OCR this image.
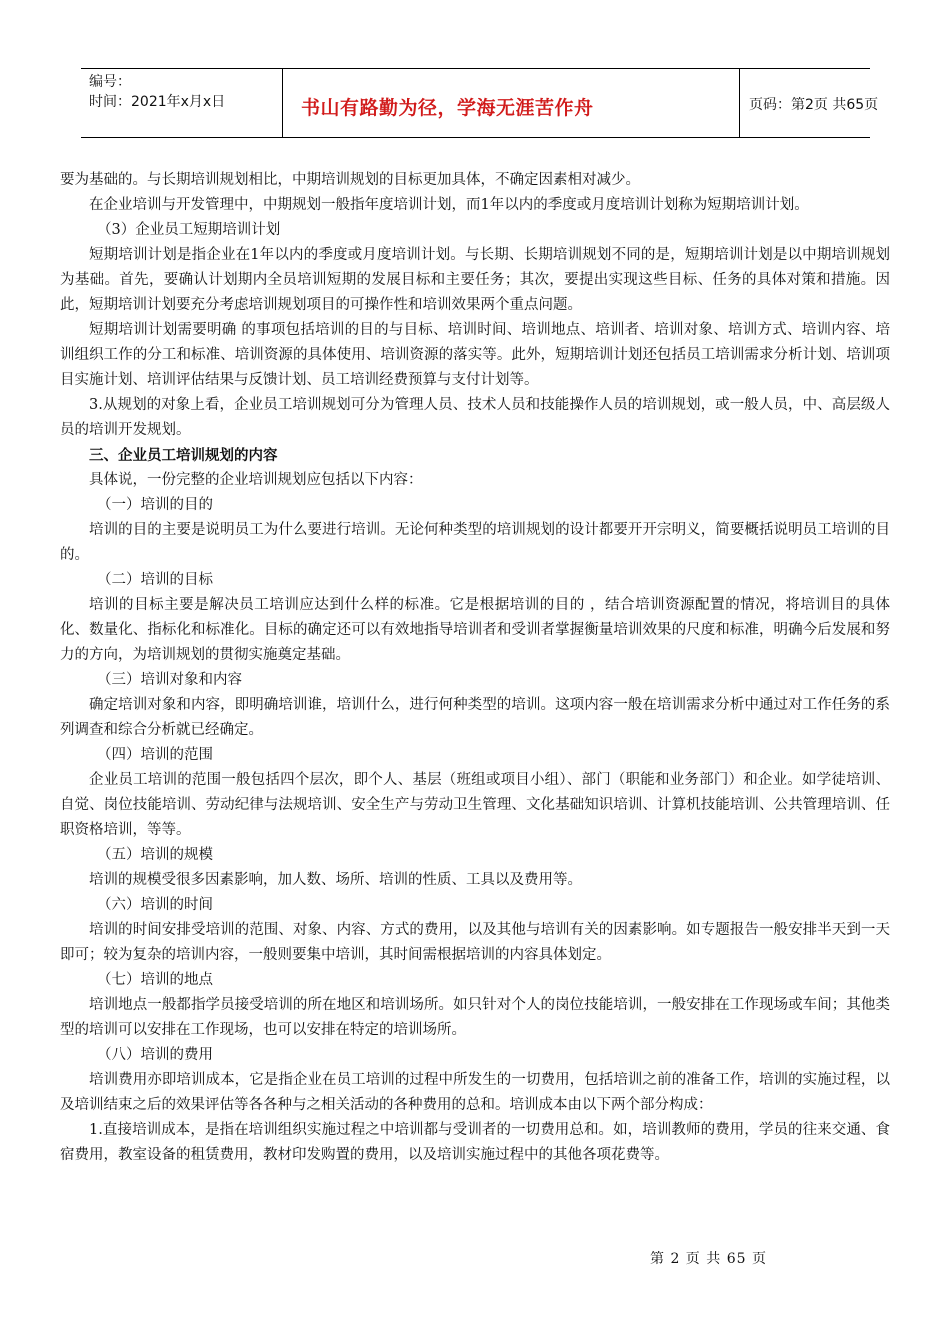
编号：
时间：2021年x月x日	书山有路勤为径，学海无涯苦作舟	页码：第2页 共65页

要为基础的。与长期培训规划相比，中期培训规划的目标更加具体，不确定因素相对减少。

在企业培训与开发管理中，中期规划一般指年度培训计划，而1年以内的季度或月度培训计划称为短期培训计划。

（3）企业员工短期培训计划

短期培训计划是指企业在1年以内的季度或月度培训计划。与长期、长期培训规划不同的是，短期培训计划是以中期培训规划为基础。首先，要确认计划期内全员培训短期的发展目标和主要任务；其次，要提出实现这些目标、任务的具体对策和措施。因此，短期培训计划要充分考虑培训规划项目的可操作性和培训效果两个重点问题。

短期培训计划需要明确 的事项包括培训的目的与目标、培训时间、培训地点、培训者、培训对象、培训方式、培训内容、培训组织工作的分工和标准、培训资源的具体使用、培训资源的落实等。此外，短期培训计划还包括员工培训需求分析计划、培训项目实施计划、培训评估结果与反馈计划、员工培训经费预算与支付计划等。

3.从规划的对象上看，企业员工培训规划可分为管理人员、技术人员和技能操作人员的培训规划，或一般人员，中、高层级人员的培训开发规划。

三、企业员工培训规划的内容

具体说，一份完整的企业培训规划应包括以下内容：

（一）培训的目的

培训的目的主要是说明员工为什么要进行培训。无论何种类型的培训规划的设计都要开开宗明义，简要概括说明员工培训的目的。

（二）培训的目标

培训的目标主要是解决员工培训应达到什么样的标准。它是根据培训的目的 ，结合培训资源配置的情况，将培训目的具体化、数量化、指标化和标准化。目标的确定还可以有效地指导培训者和受训者掌握衡量培训效果的尺度和标准，明确今后发展和努力的方向，为培训规划的贯彻实施奠定基础。

（三）培训对象和内容

确定培训对象和内容，即明确培训谁，培训什么，进行何种类型的培训。这项内容一般在培训需求分析中通过对工作任务的系列调查和综合分析就已经确定。

（四）培训的范围

企业员工培训的范围一般包括四个层次，即个人、基层（班组或项目小组）、部门（职能和业务部门）和企业。如学徒培训、自觉、岗位技能培训、劳动纪律与法规培训、安全生产与劳动卫生管理、文化基础知识培训、计算机技能培训、公共管理培训、任职资格培训，等等。

（五）培训的规模

培训的规模受很多因素影响，加人数、场所、培训的性质、工具以及费用等。

（六）培训的时间

培训的时间安排受培训的范围、对象、内容、方式的费用，以及其他与培训有关的因素影响。如专题报告一般安排半天到一天即可；较为复杂的培训内容，一般则要集中培训，其时间需根据培训的内容具体划定。

（七）培训的地点

培训地点一般都指学员接受培训的所在地区和培训场所。如只针对个人的岗位技能培训，一般安排在工作现场或车间；其他类型的培训可以安排在工作现场，也可以安排在特定的培训场所。

（八）培训的费用

培训费用亦即培训成本，它是指企业在员工培训的过程中所发生的一切费用，包括培训之前的准备工作，培训的实施过程，以及培训结束之后的效果评估等各各种与之相关活动的各种费用的总和。培训成本由以下两个部分构成：

1.直接培训成本，是指在培训组织实施过程之中培训都与受训者的一切费用总和。如，培训教师的费用，学员的往来交通、食宿费用，教室设备的租赁费用，教材印发购置的费用，以及培训实施过程中的其他各项花费等。

第 2 页 共 65 页
